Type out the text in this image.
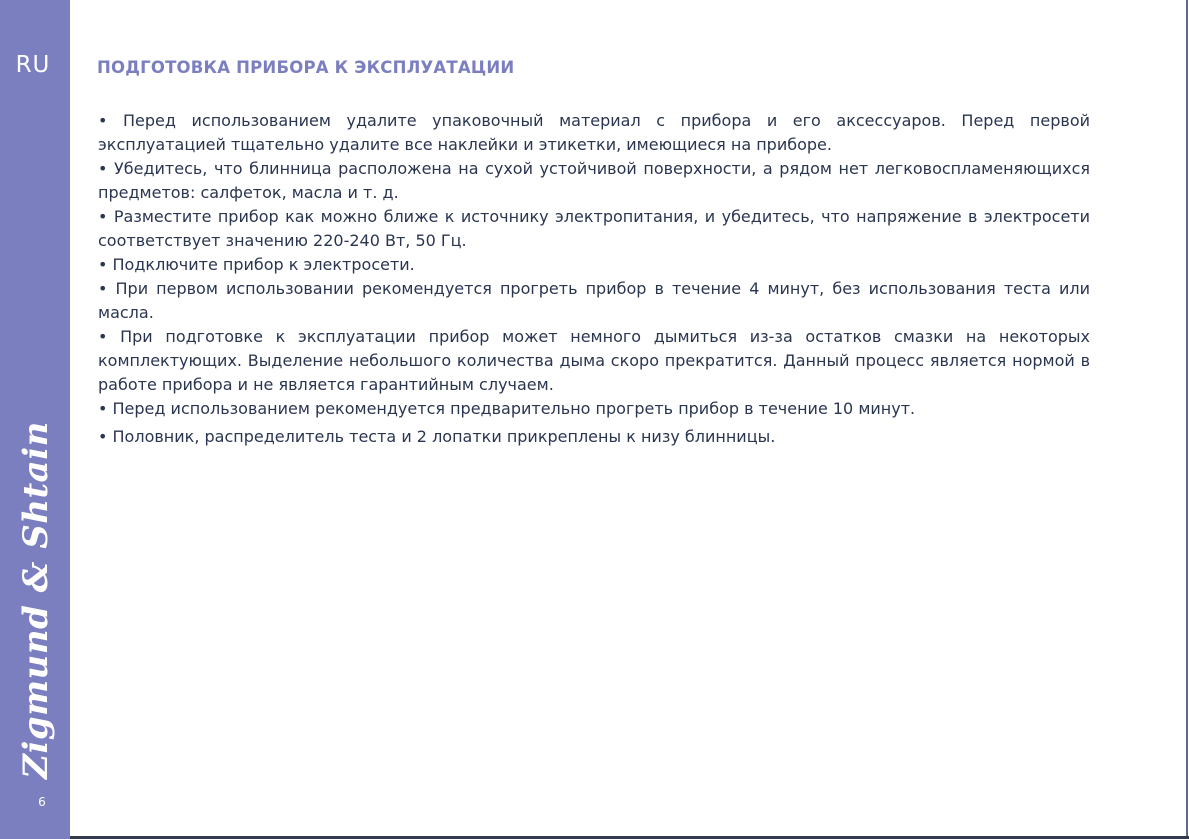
RU
Zigmund & Shtain
6
ПОДГОТОВКА ПРИБОРА К ЭКСПЛУАТАЦИИ

• Перед использованием удалите упаковочный материал с прибора и его аксессуаров. Перед первой эксплуатацией тщательно удалите все наклейки и этикетки, имеющиеся на приборе.

• Убедитесь, что блинница расположена на сухой устойчивой поверхности, а рядом нет легковоспламеняющихся предметов: салфеток, масла и т. д.

• Разместите прибор как можно ближе к источнику электропитания, и убедитесь, что напряжение в электросети соответствует значению 220-240 Вт, 50 Гц.

• Подключите прибор к электросети.

• При первом использовании рекомендуется прогреть прибор в течение 4 минут, без использования теста или масла.

• При подготовке к эксплуатации прибор может немного дымиться из-за остатков смазки на некоторых комплектующих. Выделение небольшого количества дыма скоро прекратится. Данный процесс является нормой в работе прибора и не является гарантийным случаем.

• Перед использованием рекомендуется предварительно прогреть прибор в течение 10 минут.

• Половник, распределитель теста и 2 лопатки прикреплены к низу блинницы.
